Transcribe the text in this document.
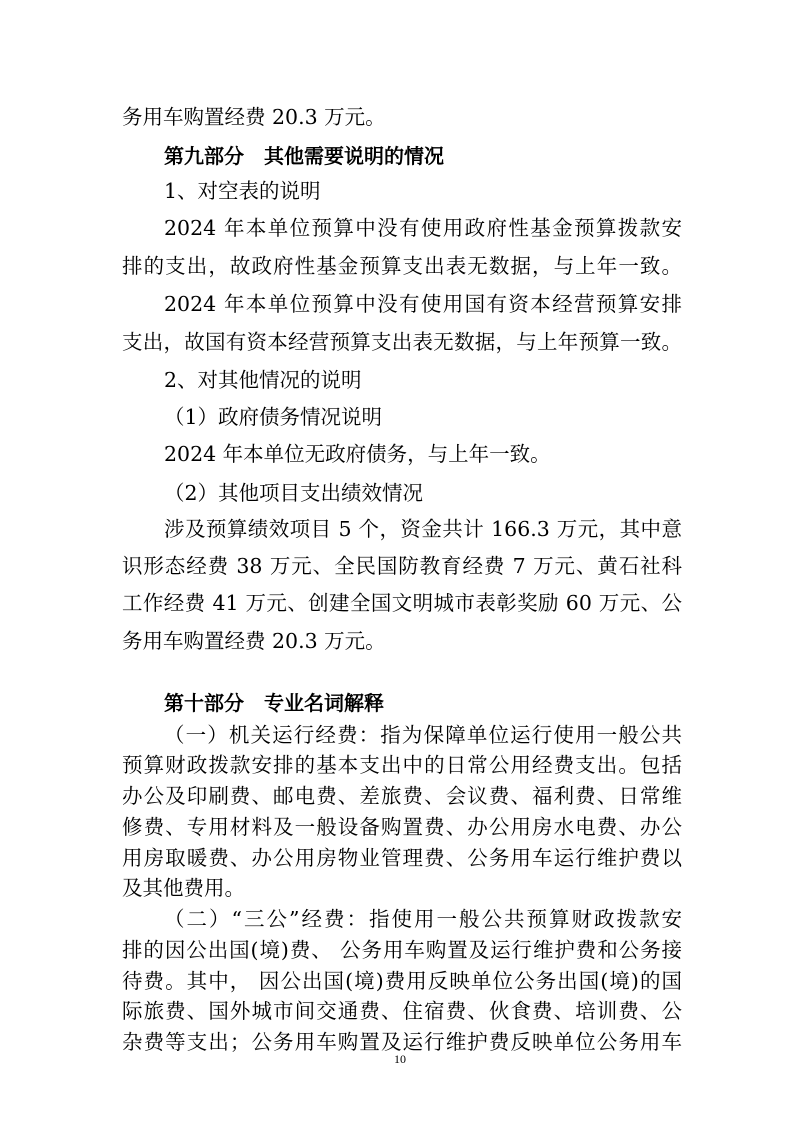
务用车购置经费 20.3 万元。
第九部分　其他需要说明的情况
1、对空表的说明
2024 年本单位预算中没有使用政府性基金预算拨款安
排的支出，故政府性基金预算支出表无数据，与上年一致。
2024 年本单位预算中没有使用国有资本经营预算安排
支出，故国有资本经营预算支出表无数据，与上年预算一致。
2、对其他情况的说明
（1）政府债务情况说明
2024 年本单位无政府债务，与上年一致。
（2）其他项目支出绩效情况
涉及预算绩效项目 5 个，资金共计 166.3 万元，其中意
识形态经费 38 万元、全民国防教育经费 7 万元、黄石社科
工作经费 41 万元、创建全国文明城市表彰奖励 60 万元、公
务用车购置经费 20.3 万元。
第十部分　专业名词解释
（一）机关运行经费：指为保障单位运行使用一般公共
预算财政拨款安排的基本支出中的日常公用经费支出。包括
办公及印刷费、邮电费、差旅费、会议费、福利费、日常维
修费、专用材料及一般设备购置费、办公用房水电费、办公
用房取暖费、办公用房物业管理费、公务用车运行维护费以
及其他费用。
（二）“三公”经费：指使用一般公共预算财政拨款安
排的因公出国(境)费、 公务用车购置及运行维护费和公务接
待费。其中， 因公出国(境)费用反映单位公务出国(境)的国
际旅费、国外城市间交通费、住宿费、伙食费、培训费、公
杂费等支出；公务用车购置及运行维护费反映单位公务用车
10
